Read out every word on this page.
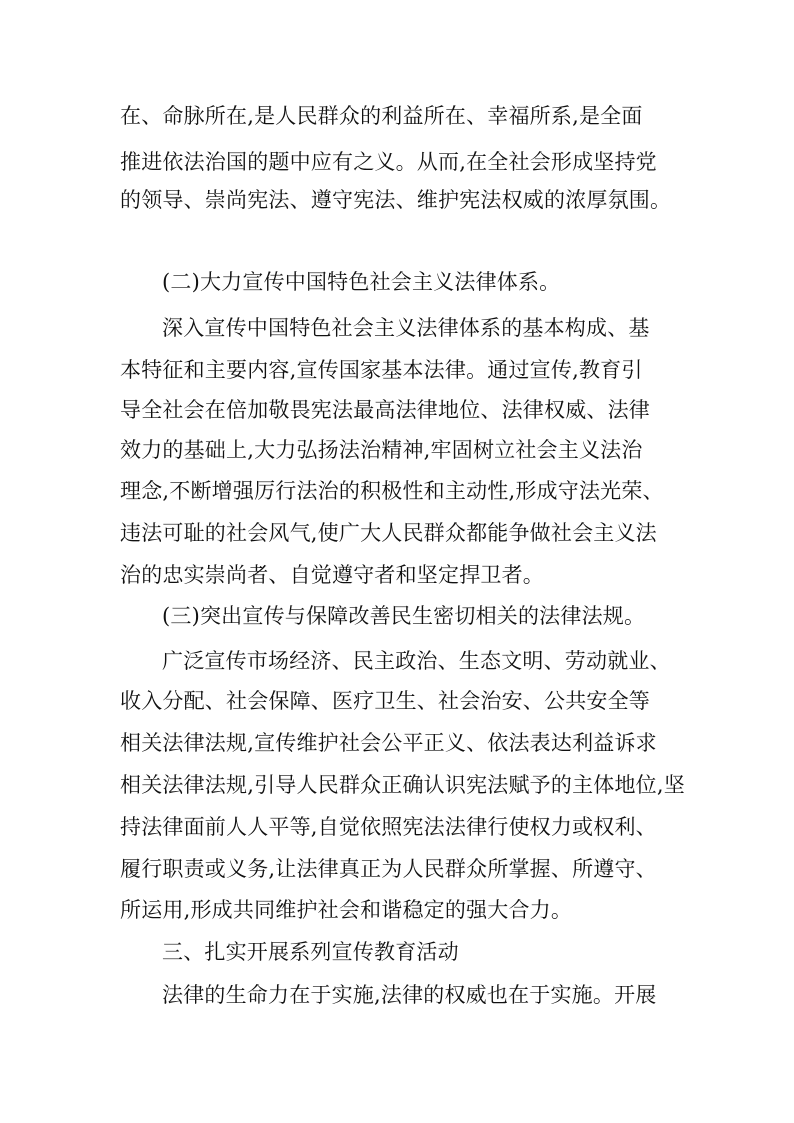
在、命脉所在,是人民群众的利益所在、幸福所系,是全面
推进依法治国的题中应有之义。从而,在全社会形成坚持党
的领导、崇尚宪法、遵守宪法、维护宪法权威的浓厚氛围。
(二)大力宣传中国特色社会主义法律体系。
深入宣传中国特色社会主义法律体系的基本构成、基
本特征和主要内容,宣传国家基本法律。通过宣传,教育引
导全社会在倍加敬畏宪法最高法律地位、法律权威、法律
效力的基础上,大力弘扬法治精神,牢固树立社会主义法治
理念,不断增强厉行法治的积极性和主动性,形成守法光荣、
违法可耻的社会风气,使广大人民群众都能争做社会主义法
治的忠实崇尚者、自觉遵守者和坚定捍卫者。
(三)突出宣传与保障改善民生密切相关的法律法规。
广泛宣传市场经济、民主政治、生态文明、劳动就业、
收入分配、社会保障、医疗卫生、社会治安、公共安全等
相关法律法规,宣传维护社会公平正义、依法表达利益诉求
相关法律法规,引导人民群众正确认识宪法赋予的主体地位,坚
持法律面前人人平等,自觉依照宪法法律行使权力或权利、
履行职责或义务,让法律真正为人民群众所掌握、所遵守、
所运用,形成共同维护社会和谐稳定的强大合力。
三、扎实开展系列宣传教育活动
法律的生命力在于实施,法律的权威也在于实施。开展
